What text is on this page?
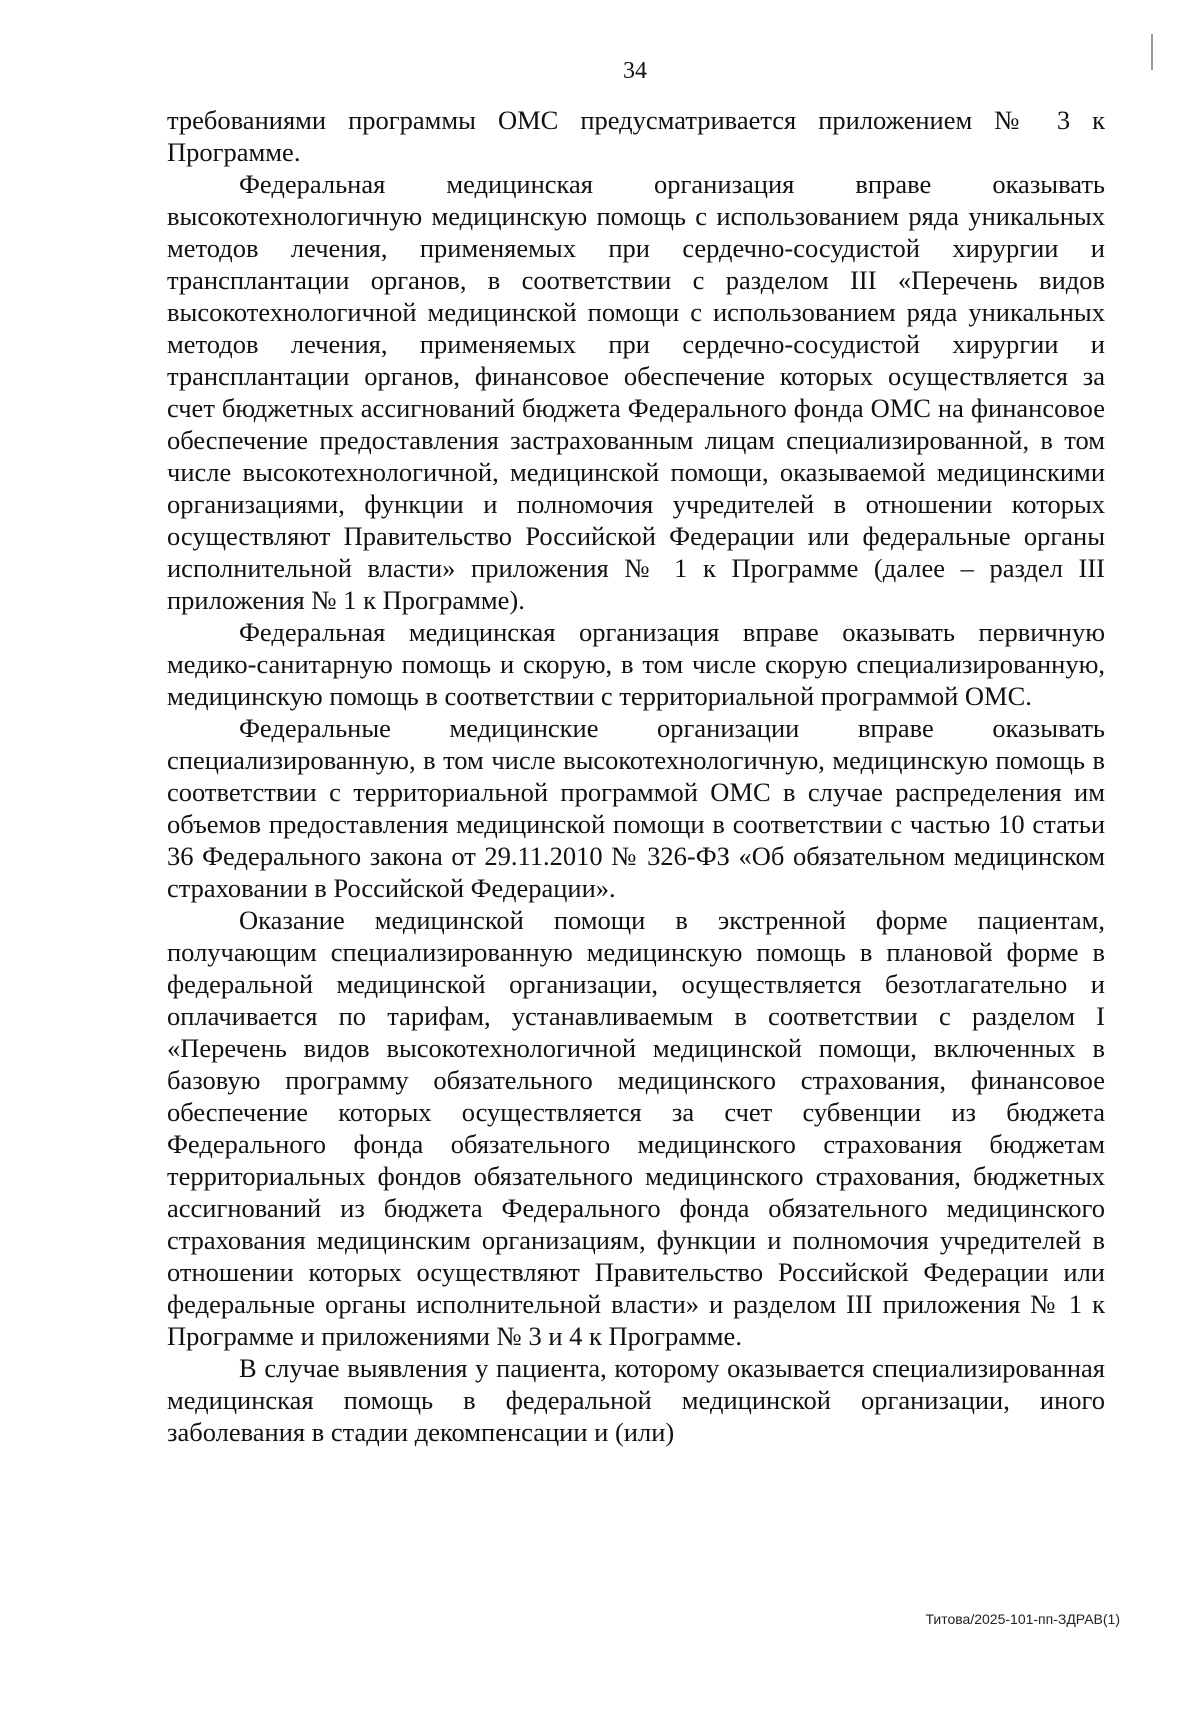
34

требованиями программы ОМС предусматривается приложением № 3 к Программе.

Федеральная медицинская организация вправе оказывать высокотехнологичную медицинскую помощь с использованием ряда уникальных методов лечения, применяемых при сердечно-сосудистой хирургии и трансплантации органов, в соответствии с разделом III «Перечень видов высокотехнологичной медицинской помощи с использованием ряда уникальных методов лечения, применяемых при сердечно-сосудистой хирургии и трансплантации органов, финансовое обеспечение которых осуществляется за счет бюджетных ассигнований бюджета Федерального фонда ОМС на финансовое обеспечение предоставления застрахованным лицам специализированной, в том числе высокотехнологичной, медицинской помощи, оказываемой медицинскими организациями, функции и полномочия учредителей в отношении которых осуществляют Правительство Российской Федерации или федеральные органы исполнительной власти» приложения № 1 к Программе (далее – раздел III приложения № 1 к Программе).

Федеральная медицинская организация вправе оказывать первичную медико-санитарную помощь и скорую, в том числе скорую специализированную, медицинскую помощь в соответствии с территориальной программой ОМС.

Федеральные медицинские организации вправе оказывать специализированную, в том числе высокотехнологичную, медицинскую помощь в соответствии с территориальной программой ОМС в случае распределения им объемов предоставления медицинской помощи в соответствии с частью 10 статьи 36 Федерального закона от 29.11.2010 № 326-ФЗ «Об обязательном медицинском страховании в Российской Федерации».

Оказание медицинской помощи в экстренной форме пациентам, получающим специализированную медицинскую помощь в плановой форме в федеральной медицинской организации, осуществляется безотлагательно и оплачивается по тарифам, устанавливаемым в соответствии с разделом I «Перечень видов высокотехнологичной медицинской помощи, включенных в базовую программу обязательного медицинского страхования, финансовое обеспечение которых осуществляется за счет субвенции из бюджета Федерального фонда обязательного медицинского страхования бюджетам территориальных фондов обязательного медицинского страхования, бюджетных ассигнований из бюджета Федерального фонда обязательного медицинского страхования медицинским организациям, функции и полномочия учредителей в отношении которых осуществляют Правительство Российской Федерации или федеральные органы исполнительной власти» и разделом III приложения № 1 к Программе и приложениями № 3 и 4 к Программе.

В случае выявления у пациента, которому оказывается специализированная медицинская помощь в федеральной медицинской организации, иного заболевания в стадии декомпенсации и (или)

Титова/2025-101-пп-ЗДРАВ(1)
